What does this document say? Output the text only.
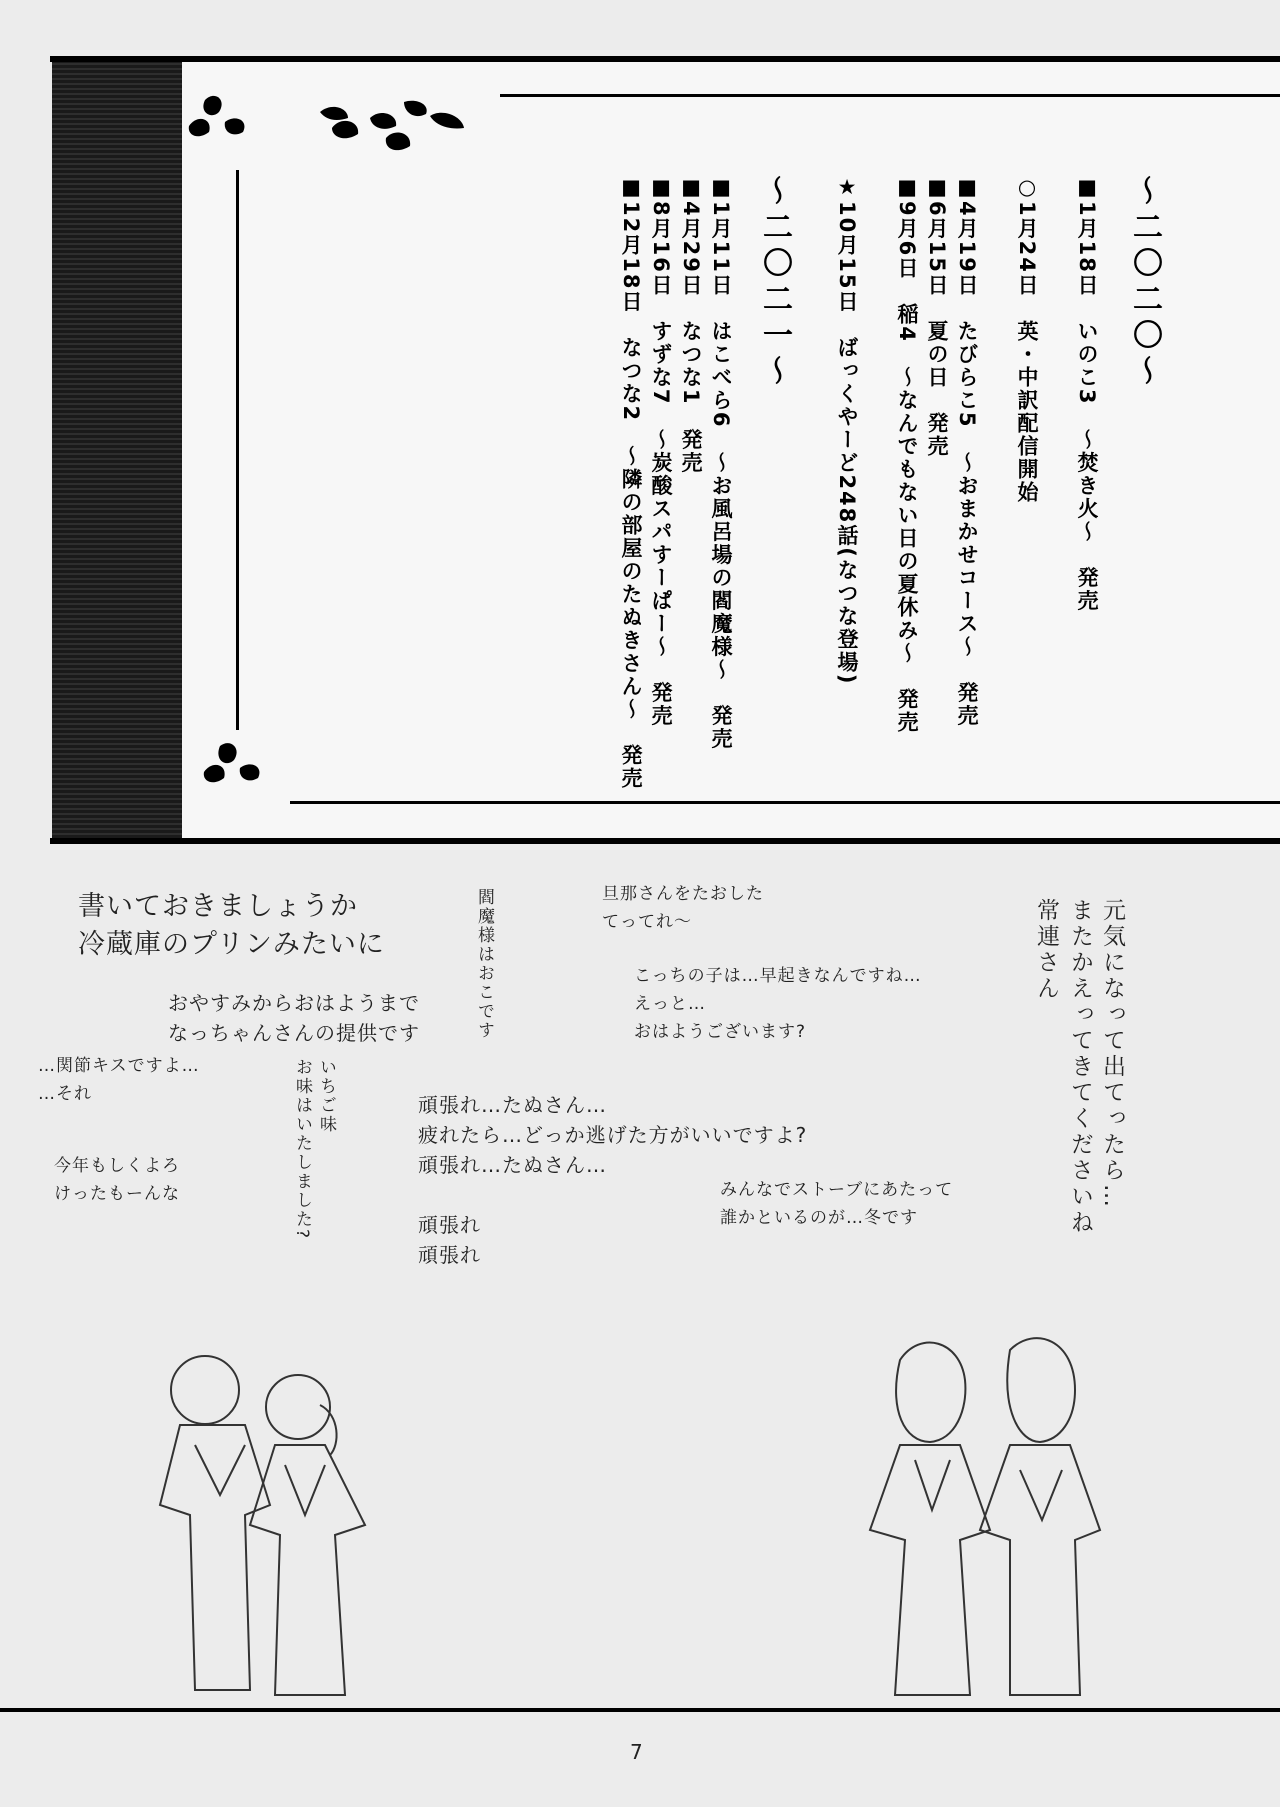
〜二〇二〇〜
■1月18日　いのこ3　〜焚き火〜　発売
○1月24日　英・中訳配信開始
■4月19日　たびらこ5　〜おまかせコース〜　発売
■6月15日　夏の日　発売
■9月6日　稲4　〜なんでもない日の夏休み〜　発売
★10月15日　ばっくやーど248話(なつな登場)
〜二〇二一〜
■1月11日　はこべら6　〜お風呂場の閻魔様〜　発売
■4月29日　なつな1　発売
■8月16日　すずな7　〜炭酸スパすーぱー〜　発売
■12月18日　なつな2　〜隣の部屋のたぬきさん〜　発売
書いておきましょうか
冷蔵庫のプリンみたいに
おやすみからおはようまで
なっちゃんさんの提供です
…関節キスですよ…
…それ
今年もしくよろ
けったもーんな
いちご味
お味はいたしました?
閻魔様はおこです	旦那さんをたおした
てってれ〜
こっちの子は…早起きなんですね…
えっと…
おはようございます?
頑張れ…たぬさん…
疲れたら…どっか逃げた方がいいですよ?
頑張れ…たぬさん…
頑張れ
頑張れ
みんなでストーブにあたって
誰かといるのが…冬です
常連さん	元気になって出てったら…
またかえってきてくださいね
7
